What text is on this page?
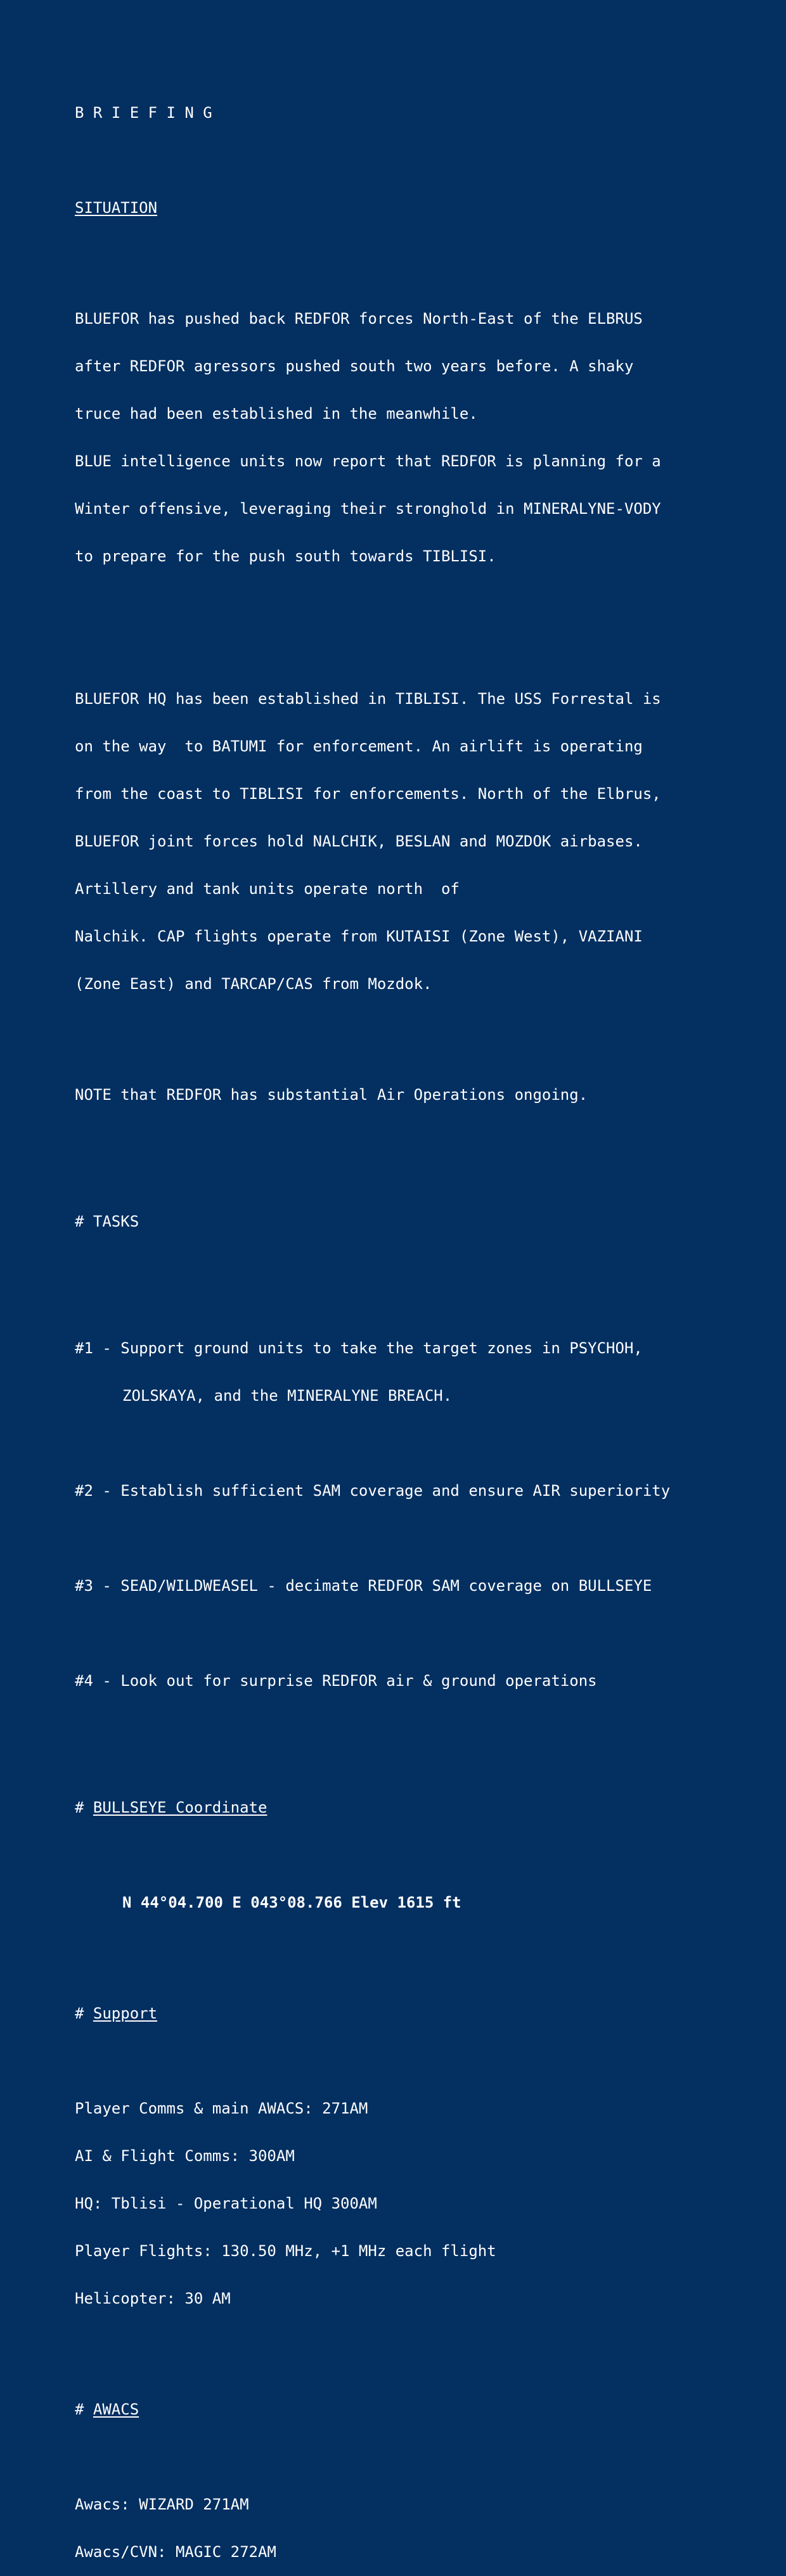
B R I E F I N G

SITUATION

BLUEFOR has pushed back REDFOR forces North-East of the ELBRUS

after REDFOR agressors pushed south two years before. A shaky

truce had been established in the meanwhile.

BLUE intelligence units now report that REDFOR is planning for a

Winter offensive, leveraging their stronghold in MINERALYNE-VODY

to prepare for the push south towards TIBLISI.

BLUEFOR HQ has been established in TIBLISI. The USS Forrestal is

on the way  to BATUMI for enforcement. An airlift is operating

from the coast to TIBLISI for enforcements. North of the Elbrus,

BLUEFOR joint forces hold NALCHIK, BESLAN and MOZDOK airbases.

Artillery and tank units operate north  of

Nalchik. CAP flights operate from KUTAISI (Zone West), VAZIANI

(Zone East) and TARCAP/CAS from Mozdok.

NOTE that REDFOR has substantial Air Operations ongoing.

# TASKS

#1 - Support ground units to take the target zones in PSYCHOH,

ZOLSKAYA, and the MINERALYNE BREACH.

#2 - Establish sufficient SAM coverage and ensure AIR superiority

#3 - SEAD/WILDWEASEL - decimate REDFOR SAM coverage on BULLSEYE

#4 - Look out for surprise REDFOR air & ground operations

# BULLSEYE Coordinate

N 44°04.700 E 043°08.766 Elev 1615 ft

# Support

Player Comms & main AWACS: 271AM

AI & Flight Comms: 300AM

HQ: Tblisi - Operational HQ 300AM

Player Flights: 130.50 MHz, +1 MHz each flight

Helicopter: 30 AM

# AWACS

Awacs: WIZARD 271AM

Awacs/CVN: MAGIC 272AM
